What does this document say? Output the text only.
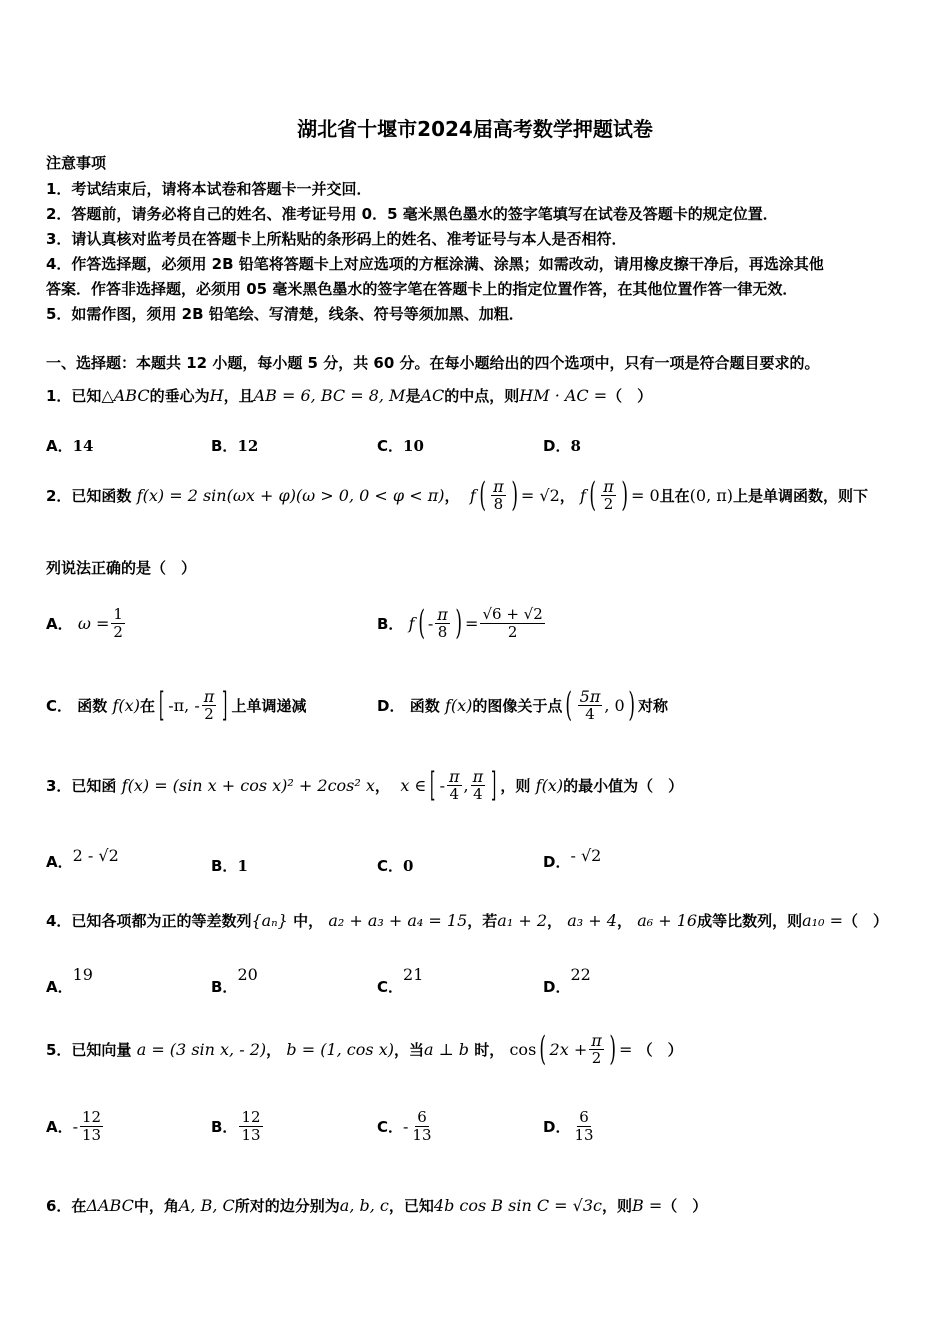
湖北省十堰市2024届高考数学押题试卷
注意事项
1．考试结束后，请将本试卷和答题卡一并交回．
2．答题前，请务必将自己的姓名、准考证号用 0．5 毫米黑色墨水的签字笔填写在试卷及答题卡的规定位置．
3．请认真核对监考员在答题卡上所粘贴的条形码上的姓名、准考证号与本人是否相符．
4．作答选择题，必须用 2B 铅笔将答题卡上对应选项的方框涂满、涂黑；如需改动，请用橡皮擦干净后，再选涂其他
答案．作答非选择题，必须用 05 毫米黑色墨水的签字笔在答题卡上的指定位置作答，在其他位置作答一律无效．
5．如需作图，须用 2B 铅笔绘、写清楚，线条、符号等须加黑、加粗．
一、选择题：本题共 12 小题，每小题 5 分，共 60 分。在每小题给出的四个选项中，只有一项是符合题目要求的。
1．已知△ABC的垂心为H，且AB = 6, BC = 8, M是AC的中点，则HM · AC =（　）
A．14	B．12	C．10	D．8
2．已知函数
f(x) = 2 sin(ωx + φ)(ω > 0, 0 < φ < π) ，
f ( $\frac{\pi}{8}$ ) = √2 ，
f ( $\frac{\pi}{2}$ ) = 0 且在 (0, π) 上是单调函数，则下
列说法正确的是（　）
A．
$\omega = \frac{1}{2}$	B．
f ( - $\frac{\pi}{8}$ ) = $\frac{√6 + √2}{2}$
C．
函数
f(x) 在 [ -π, - $\frac{\pi}{2}$ ] 上单调递减	D．
函数
f(x) 的图像关于点 ( $\frac{5\pi}{4}$ , 0 ) 对称
3．已知函
f(x) = (sin x + cos x)² + 2cos² x ，
x ∈ [ - $\frac{\pi}{4}$ , $\frac{\pi}{4}$ ] ，则
f(x) 的最小值为（　）
A．2 - √2
B．1	C．0	D．- √2
4．已知各项都为正的等差数列{aₙ} 中， a₂ + a₃ + a₄ = 15，若a₁ + 2， a₃ + 4， a₆ + 16成等比数列，则a₁₀ =（　）
A．19
B．20
C．21
D．22
5．已知向量
a = (3 sin x, - 2) ，
b = (1, cos x) ，当 a ⊥ b
时，
cos ( $2x + \frac{\pi}{2}$ ) =
（　）
A． - $\frac{12}{13}$	B． $\frac{12}{13}$	C． - $\frac{6}{13}$	D． $\frac{6}{13}$
6．在ΔABC中，角A, B, C所对的边分别为a, b, c，已知4b cos B sin C = √3c，则B =（　）
